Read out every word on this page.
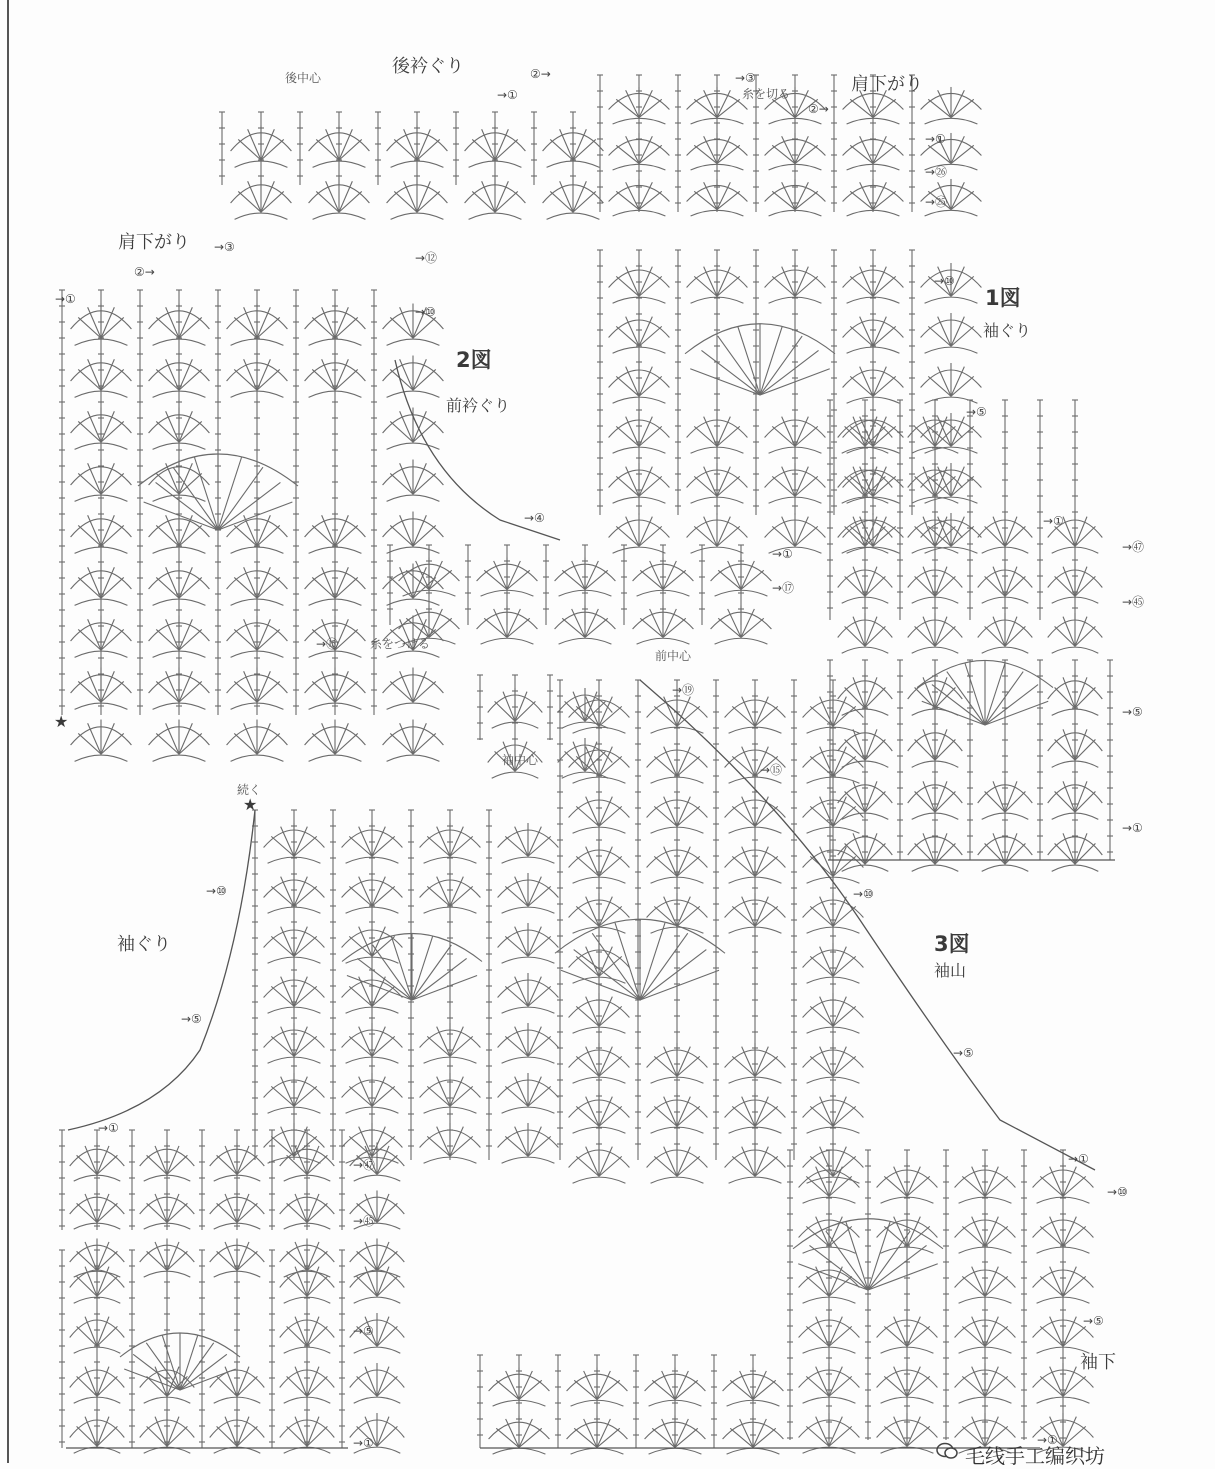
後衿ぐり
後中心	肩下がり
糸を切る
1図
袖ぐり
肩下がり
2図
前衿ぐり
糸をつける
前中心
★
続く
★
袖ぐり
袖中心
3図
袖山
袖下
②→
→①
→③
②→
→①
→㉖
→㉕
→⑩
→⑤
→①
→㊼
→㊺
→⑤
→①
→③
②→
→①
→⑫
→⑩
→④
→①
→⑰
→⑮
→⑲
→⑮
→⑩
→⑤
→①
→⑩
→⑤
→①
→⑩
→⑤
→①
→㊼
→㊺
→⑤
→①
毛线手工编织坊
